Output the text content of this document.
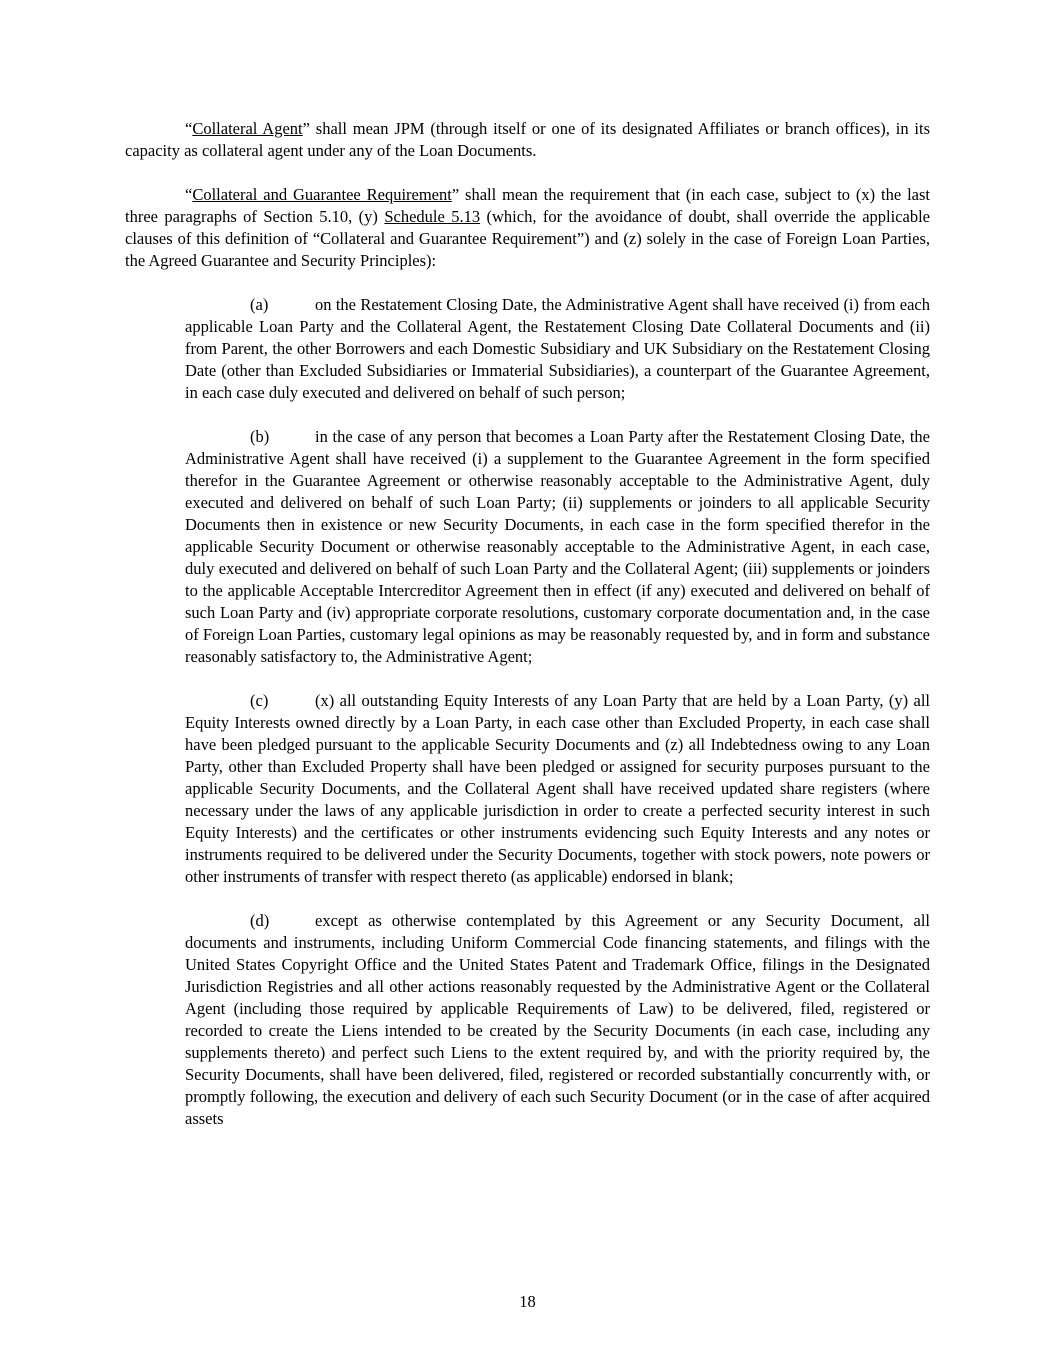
“Collateral Agent” shall mean JPM (through itself or one of its designated Affiliates or branch offices), in its capacity as collateral agent under any of the Loan Documents.

“Collateral and Guarantee Requirement” shall mean the requirement that (in each case, subject to (x) the last three paragraphs of Section 5.10, (y) Schedule 5.13 (which, for the avoidance of doubt, shall override the applicable clauses of this definition of “Collateral and Guarantee Requirement”) and (z) solely in the case of Foreign Loan Parties, the Agreed Guarantee and Security Principles):

(a)	on the Restatement Closing Date, the Administrative Agent shall have received (i) from each applicable Loan Party and the Collateral Agent, the Restatement Closing Date Collateral Documents and (ii) from Parent, the other Borrowers and each Domestic Subsidiary and UK Subsidiary on the Restatement Closing Date (other than Excluded Subsidiaries or Immaterial Subsidiaries), a counterpart of the Guarantee Agreement, in each case duly executed and delivered on behalf of such person;

(b)	in the case of any person that becomes a Loan Party after the Restatement Closing Date, the Administrative Agent shall have received (i) a supplement to the Guarantee Agreement in the form specified therefor in the Guarantee Agreement or otherwise reasonably acceptable to the Administrative Agent, duly executed and delivered on behalf of such Loan Party; (ii) supplements or joinders to all applicable Security Documents then in existence or new Security Documents, in each case in the form specified therefor in the applicable Security Document or otherwise reasonably acceptable to the Administrative Agent, in each case, duly executed and delivered on behalf of such Loan Party and the Collateral Agent; (iii) supplements or joinders to the applicable Acceptable Intercreditor Agreement then in effect (if any) executed and delivered on behalf of such Loan Party and (iv) appropriate corporate resolutions, customary corporate documentation and, in the case of Foreign Loan Parties, customary legal opinions as may be reasonably requested by, and in form and substance reasonably satisfactory to, the Administrative Agent;

(c)	(x) all outstanding Equity Interests of any Loan Party that are held by a Loan Party, (y) all Equity Interests owned directly by a Loan Party, in each case other than Excluded Property, in each case shall have been pledged pursuant to the applicable Security Documents and (z) all Indebtedness owing to any Loan Party, other than Excluded Property shall have been pledged or assigned for security purposes pursuant to the applicable Security Documents, and the Collateral Agent shall have received updated share registers (where necessary under the laws of any applicable jurisdiction in order to create a perfected security interest in such Equity Interests) and the certificates or other instruments evidencing such Equity Interests and any notes or instruments required to be delivered under the Security Documents, together with stock powers, note powers or other instruments of transfer with respect thereto (as applicable) endorsed in blank;

(d)	except as otherwise contemplated by this Agreement or any Security Document, all documents and instruments, including Uniform Commercial Code financing statements, and filings with the United States Copyright Office and the United States Patent and Trademark Office, filings in the Designated Jurisdiction Registries and all other actions reasonably requested by the Administrative Agent or the Collateral Agent (including those required by applicable Requirements of Law) to be delivered, filed, registered or recorded to create the Liens intended to be created by the Security Documents (in each case, including any supplements thereto) and perfect such Liens to the extent required by, and with the priority required by, the Security Documents, shall have been delivered, filed, registered or recorded substantially concurrently with, or promptly following, the execution and delivery of each such Security Document (or in the case of after acquired assets

18
